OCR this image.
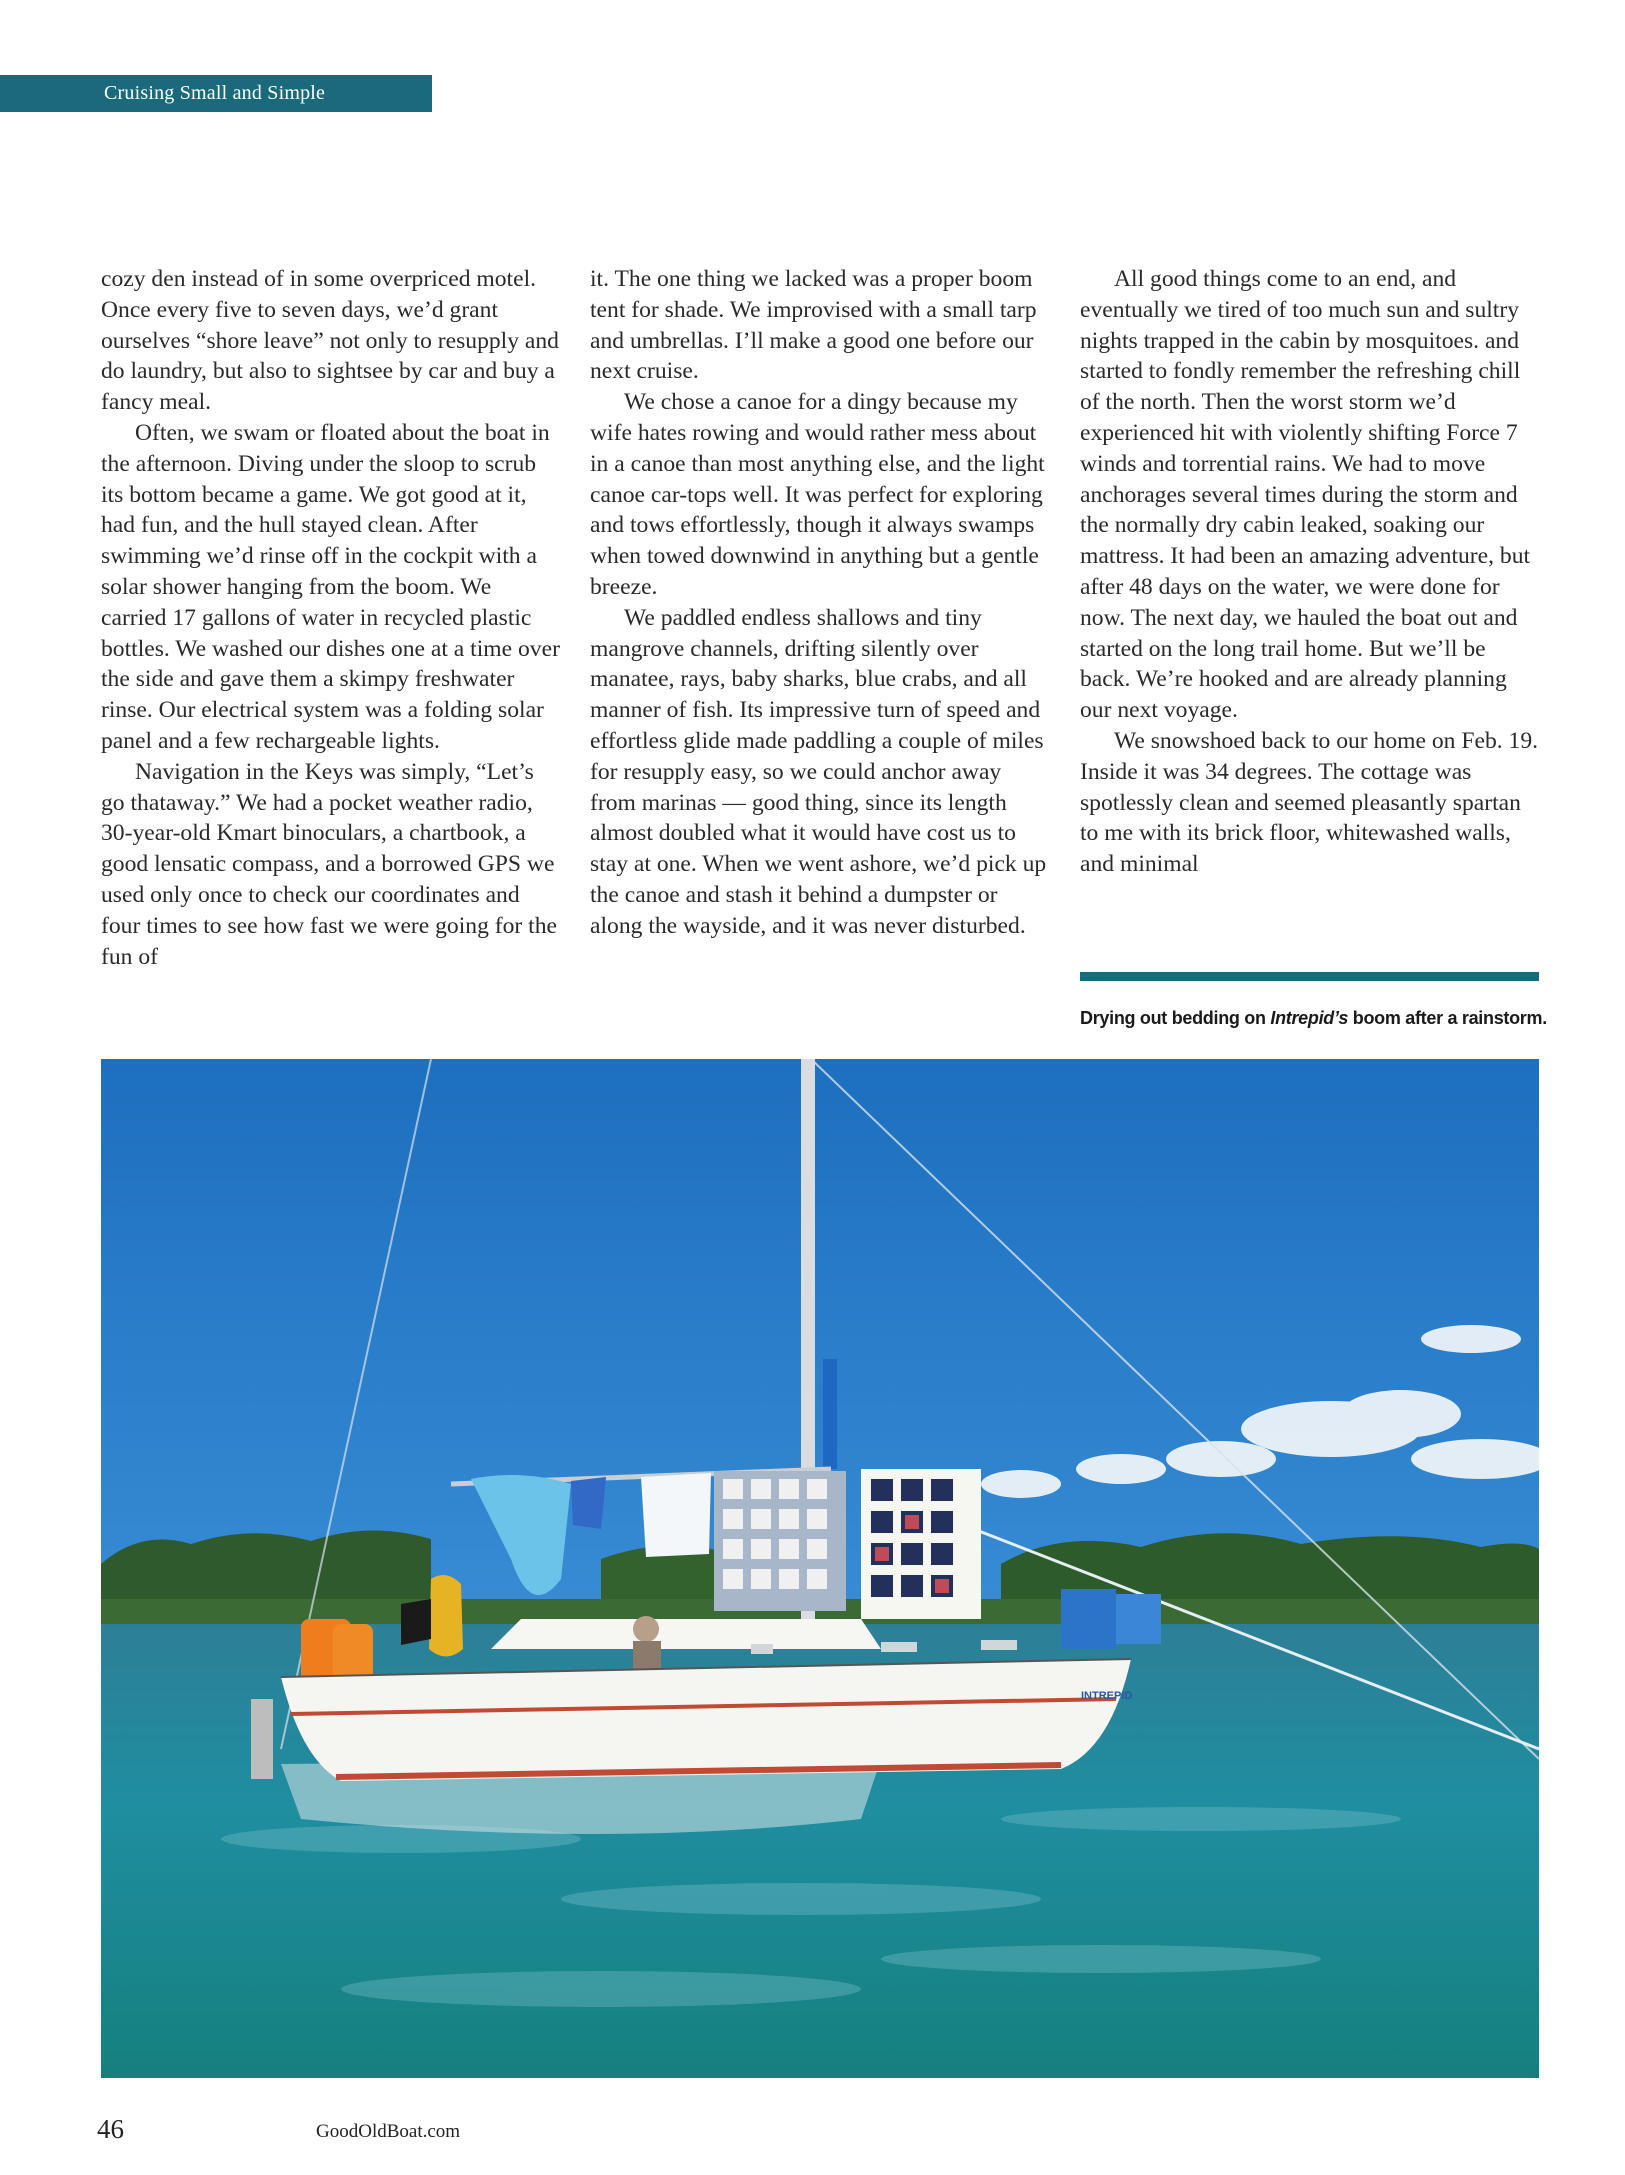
Cruising Small and Simple

cozy den instead of in some overpriced motel. Once every five to seven days, we’d grant ourselves “shore leave” not only to resupply and do laundry, but also to sightsee by car and buy a fancy meal.

Often, we swam or floated about the boat in the afternoon. Diving under the sloop to scrub its bottom became a game. We got good at it, had fun, and the hull stayed clean. After swimming we’d rinse off in the cockpit with a solar shower hanging from the boom. We carried 17 gallons of water in recycled plastic bottles. We washed our dishes one at a time over the side and gave them a skimpy freshwater rinse. Our electrical system was a folding solar panel and a few rechargeable lights.

Navigation in the Keys was simply, “Let’s go thataway.” We had a pocket weather radio, 30-year-old Kmart binoculars, a chartbook, a good lensatic compass, and a borrowed GPS we used only once to check our coordinates and four times to see how fast we were going for the fun of

it. The one thing we lacked was a proper boom tent for shade. We improvised with a small tarp and umbrellas. I’ll make a good one before our next cruise.

We chose a canoe for a dingy because my wife hates rowing and would rather mess about in a canoe than most anything else, and the light canoe car-tops well. It was perfect for exploring and tows effortlessly, though it always swamps when towed downwind in anything but a gentle breeze.

We paddled endless shallows and tiny mangrove channels, drifting silently over manatee, rays, baby sharks, blue crabs, and all manner of fish. Its impressive turn of speed and effortless glide made paddling a couple of miles for resupply easy, so we could anchor away from marinas — good thing, since its length almost doubled what it would have cost us to stay at one. When we went ashore, we’d pick up the canoe and stash it behind a dumpster or along the wayside, and it was never disturbed.

All good things come to an end, and eventually we tired of too much sun and sultry nights trapped in the cabin by mosquitoes. and started to fondly remember the refreshing chill of the north. Then the worst storm we’d experienced hit with violently shifting Force 7 winds and torrential rains. We had to move anchorages several times during the storm and the normally dry cabin leaked, soaking our mattress. It had been an amazing adventure, but after 48 days on the water, we were done for now. The next day, we hauled the boat out and started on the long trail home. But we’ll be back. We’re hooked and are already planning our next voyage.

We snowshoed back to our home on Feb. 19. Inside it was 34 degrees. The cottage was spotlessly clean and seemed pleasantly spartan to me with its brick floor, whitewashed walls, and minimal

Drying out bedding on Intrepid’s boom after a rainstorm.
INTREPID
46	GoodOldBoat.com
